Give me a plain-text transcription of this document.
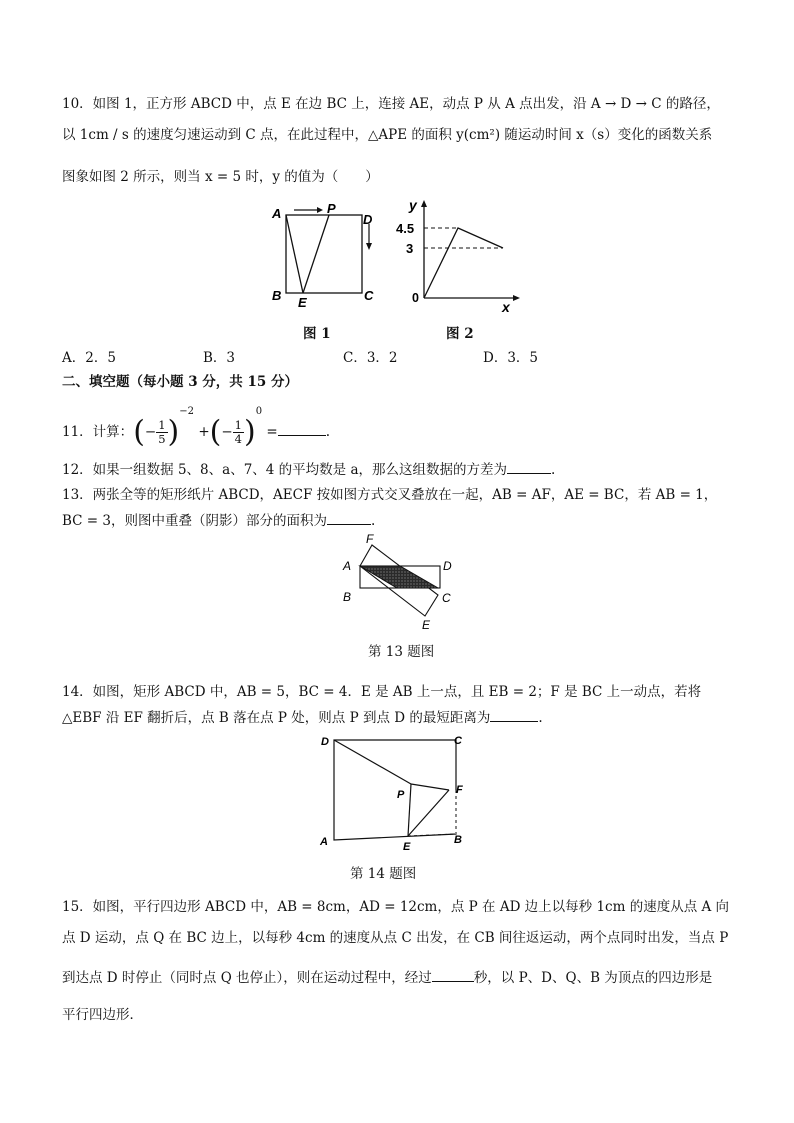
10．如图 1，正方形 ABCD 中，点 E 在边 BC 上，连接 AE，动点 P 从 A 点出发，沿 A → D → C 的路径，
以 1cm / s 的速度匀速运动到 C 点，在此过程中，△APE 的面积 y(cm²) 随运动时间 x（s）变化的函数关系
图象如图 2 所示，则当 x = 5 时，y 的值为（　　）
A	P
D
B E	C
图 1
y
x
0
4.5
3
图 2
A．2．5	B．3	C．3．2	D．3．5
二、填空题（每小题 3 分，共 15 分）
11．计算：(− $\frac{1}{5} )^{-2}$ +(− $\frac{1}{4} )^0$ =	.
12．如果一组数据 5、8、a、7、4 的平均数是 a，那么这组数据的方差为	.
13．两张全等的矩形纸片 ABCD，AECF 按如图方式交叉叠放在一起，AB = AF，AE = BC，若 AB = 1，
BC = 3，则图中重叠（阴影）部分的面积为	.
F
A	D
B	C
E
第 13 题图
14．如图，矩形 ABCD 中，AB = 5，BC = 4．E 是 AB 上一点，且 EB = 2；F 是 BC 上一动点，若将
△EBF 沿 EF 翻折后，点 B 落在点 P 处，则点 P 到点 D 的最短距离为	.
D	C
P	F
A	E
B
第 14 题图
15．如图，平行四边形 ABCD 中，AB = 8cm，AD = 12cm，点 P 在 AD 边上以每秒 1cm 的速度从点 A 向
点 D 运动，点 Q 在 BC 边上，以每秒 4cm 的速度从点 C 出发，在 CB 间往返运动，两个点同时出发，当点 P
到达点 D 时停止（同时点 Q 也停止），则在运动过程中，经过	秒，以 P、D、Q、B 为顶点的四边形是
平行四边形．
